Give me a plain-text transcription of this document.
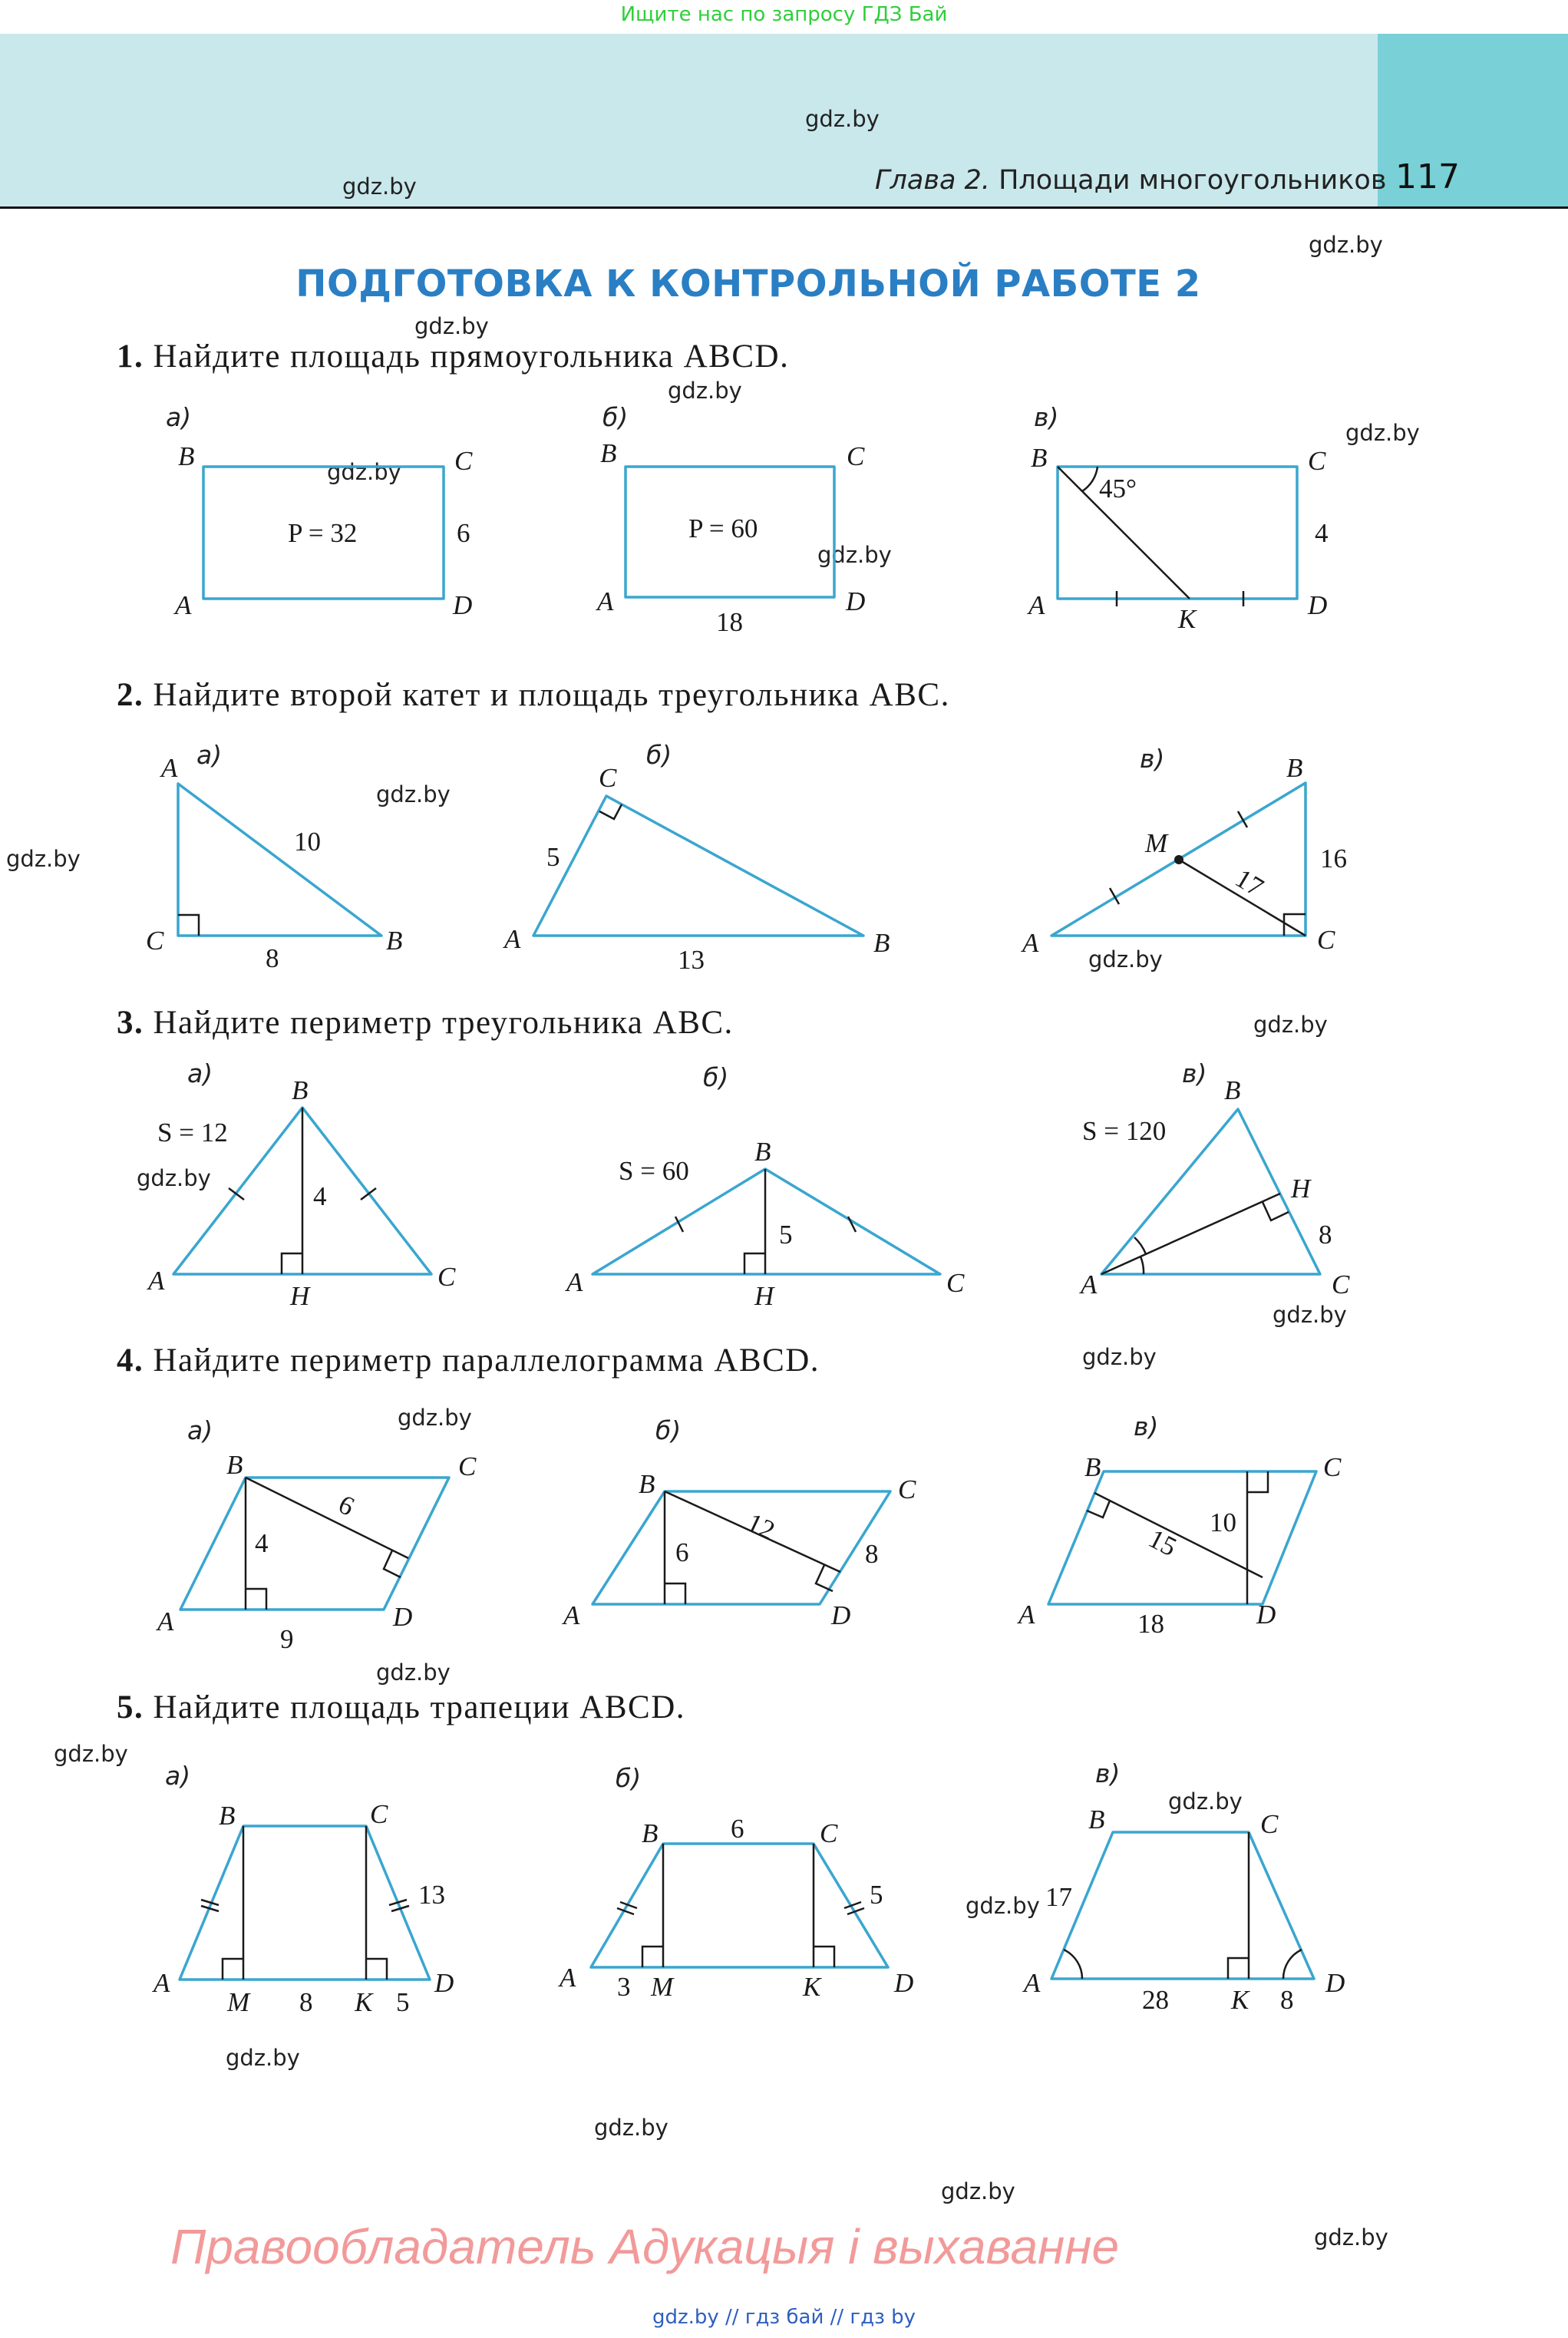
Ищите нас по запросу ГДЗ Бай
Глава 2. Площади многоугольников 117
ПОДГОТОВКА К КОНТРОЛЬНОЙ РАБОТЕ 2
1. Найдите площадь прямоугольника ABCD.
2. Найдите второй катет и площадь треугольника ABC.
3. Найдите периметр треугольника ABC.
4. Найдите периметр параллелограмма ABCD.
5. Найдите площадь трапеции ABCD.
gdz.by
gdz.by
gdz.by
gdz.by
gdz.by
gdz.by
gdz.by
gdz.by
gdz.by
gdz.by
gdz.by
gdz.by
gdz.by
gdz.by
gdz.by
gdz.by
gdz.by
gdz.by
gdz.by
gdz.by
gdz.by
gdz.by
gdz.by
gdz.by
а)	б)	в)
а)	б)	в)
а)	б)	в)
а)	б)	в)
а)	б)	в)
B	C
A	D
P = 32	6
B	C
A	D
P = 60
18
B	C
A	D
K
45°
4
A
C	B
10
8
C
A	B
5
13
B
M
A	C
17
16
S = 12
B
A
H
C
4
S = 60
B
A	H	C
5
S = 120
B
H
A	C
8
B	C
A	D
4
6
9
B	C
A	D
6
12
8
B	C
A	D
10
15
18
B	C
A
M	K
D
13
8	5
B	C
A	M	K	D
6
5
3
B	C
A
K
D
17
28	8
Правообладатель Адукацыя і выхаванне
gdz.by // гдз бай // гдз by
